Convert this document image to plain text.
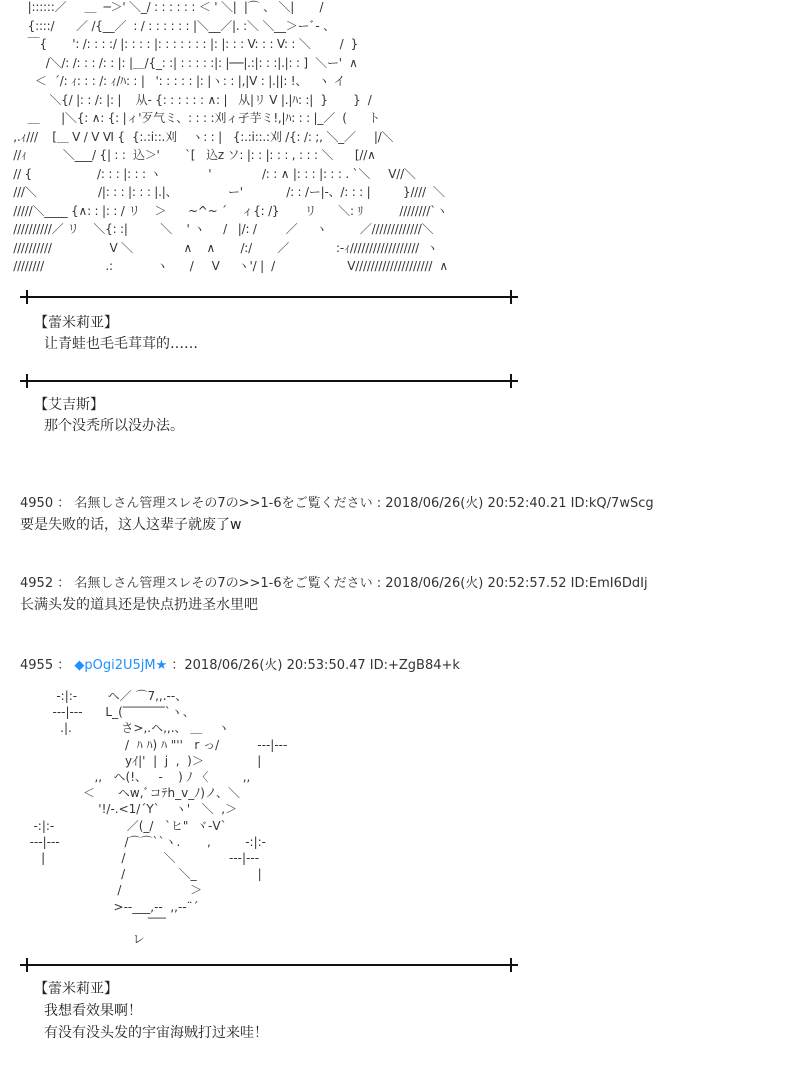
|::::::／     ＿  ─＞' ＼_/ : : : : : : ＜ ' ＼|  |⌒ 、 ＼|       /
{::::/      ／ /{__／  : / : : : : : : |＼__／|. :＼ ＼__＞ーﾞ- 、
￣{       ': /: : : :/ |: : : : |: : : : : : : |: |: : : V: : : V: : ＼        /  }
/＼/: /: : : /: : |: |＿/{_: :| : : : : :|: |──|.:|: : :|.|: : ]  ＼ー'  ∧
＜  ´/: ｨ: : : /: ｨ/ﾊ: : |   ': : : : : |: |ヽ: : |,|V : |.||: !、   ヽ イ
＼{/ |: : /: |: |    从- {: : : : : : ∧: |   从|リ V |.|ﾊ: :|  }       }  /
＿      |＼{: ∧: {: |ィ'歹气ミ、: : : :刈ィ孑芋ミ!,|ﾊ: : : |_／  (      ト
,.ｨ///    [＿ V / V Ⅵ {  {:.:i::.刈    ヽ: : |   {:.:i::.:刈 /{: /: ;, ＼_／     |/＼
//ｨ          ＼___/ {| : :  込＞'       `[   込z ソ: |: : |: : : , : : : ＼      [//∧
// {                  /: : : |: : : ヽ             '              /: : ∧ |: : : |: : : . `＼     V//＼
///＼                 /|: : : |: : : |.|、              ー'            /: : /ー|-、/: : : |         }////  ＼
/////＼____ {∧: : |: : / リ    ＞      ~^~ ´    ィ{: /}       リ      ＼: ﾘ          ////////`ヽ
//////////／ リ    ＼{: :|         ＼    ' ヽ     /   |/: /        ／     ヽ         ／/////////////＼
//////////                V ＼              ∧    ∧       /:/       ／             :-ｨ//////////////////  ヽ
////////                 .:            ヽ      /     V     ヽ'/ |  /                    V////////////////////  ∧
【蕾米莉亚】
让青蛙也毛毛茸茸的……
【艾吉斯】
那个没秃所以没办法。
4950 ： 名無しさん管理スレその7の>>1-6をご覧ください : 2018/06/26(火) 20:52:40.21 ID:kQ/7wScg
要是失败的话，这人这辈子就废了w
4952 ： 名無しさん管理スレその7の>>1-6をご覧ください : 2018/06/26(火) 20:52:57.52 ID:EmI6DdIj
长满头发的道具还是快点扔进圣水里吧
4955 ： ◆pOgi2U5jM★ ：2018/06/26(火) 20:53:50.47 ID:+ZgB84+k
-:|:-        ヘ／ ⌒7,,.--、
-‐-|-‐-      L_(‾‾‾‾‾‾‾`ヽ、
.|.             さ>,.ヘ,,.、 ＿    ヽ
/  ﾊ ﾊ) ﾊ "''   r っ/          -‐-|-‐-
yｲ|'  |  j  ,  )＞              |
,,   ヘ(!、   -    ) ﾉ 〈         ,,
＜      ヘw,ﾞコﾃh_v_ﾉ)ノ、＼
'!/‐.<1/´Y`    ヽ'   ＼  ,＞
-:|:-                   ／(_/   `ヒ"  ヾ-V`
-‐-|-‐-                 /⌒⌒``ヽ.       ,         -:|:-
|                    /          ＼              -‐-|-‐-
/              ＼_                |
/                  ＞
>‐-___,-‐  ,,--¨´
‾‾‾
レ
【蕾米莉亚】
我想看效果啊！
有没有没头发的宇宙海贼打过来哇！
